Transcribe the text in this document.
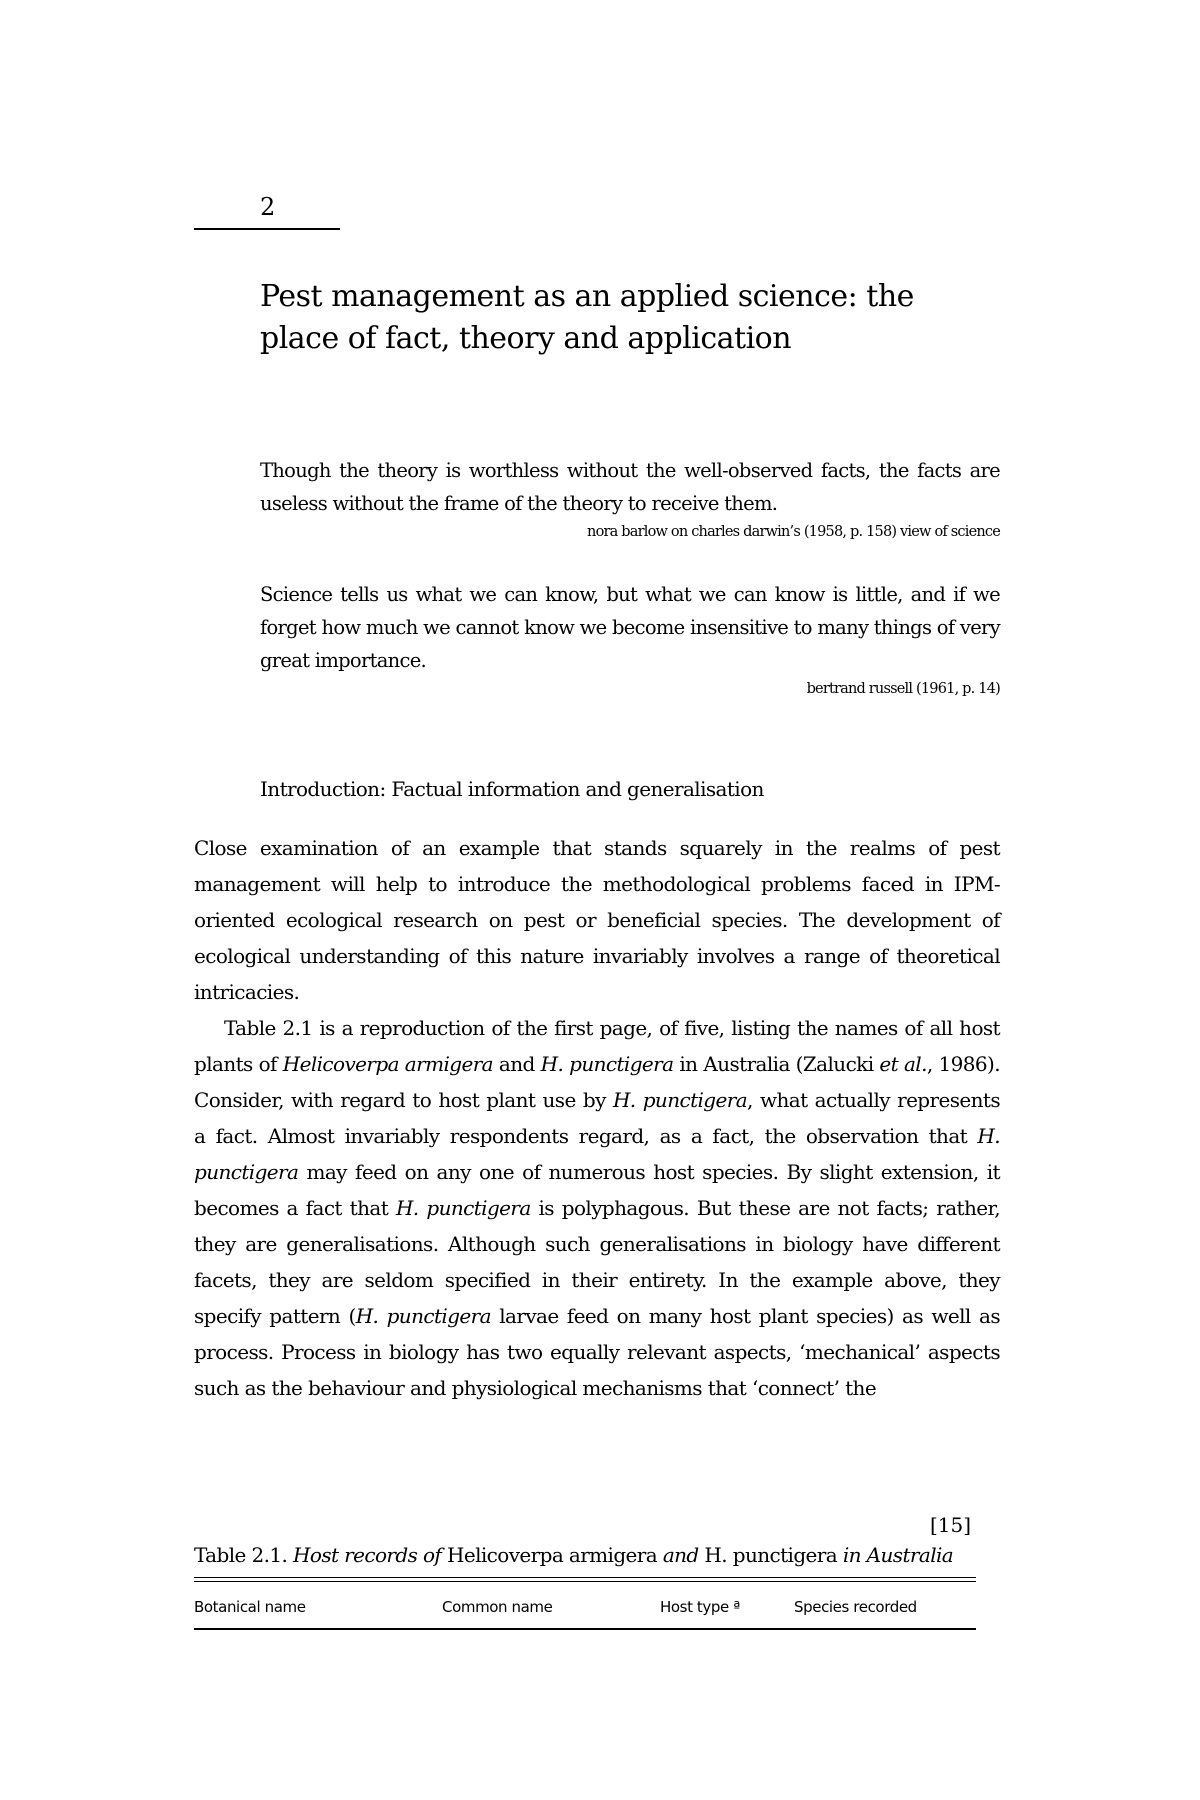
2
Pest management as an applied science: the place of fact, theory and application

Though the theory is worthless without the well-observed facts, the facts are useless without the frame of the theory to receive them.

nora barlow on charles darwin’s (1958, p. 158) view of science

Science tells us what we can know, but what we can know is little, and if we forget how much we cannot know we become insensitive to many things of very great importance.

bertrand russell (1961, p. 14)

Introduction: Factual information and generalisation

Close examination of an example that stands squarely in the realms of pest management will help to introduce the methodological problems faced in IPM-oriented ecological research on pest or beneficial species. The development of ecological understanding of this nature invariably involves a range of theoretical intricacies.

Table 2.1 is a reproduction of the first page, of five, listing the names of all host plants of Helicoverpa armigera and H. punctigera in Australia (Zalucki et al., 1986). Consider, with regard to host plant use by H. punctigera, what actually represents a fact. Almost invariably respondents regard, as a fact, the observation that H. punctigera may feed on any one of numerous host species. By slight extension, it becomes a fact that H. punctigera is polyphagous. But these are not facts; rather, they are generalisations. Although such generalisations in biology have different facets, they are seldom specified in their entirety. In the example above, they specify pattern (H. punctigera larvae feed on many host plant species) as well as process. Process in biology has two equally relevant aspects, ‘mechanical’ aspects such as the behaviour and physiological mechanisms that ‘connect’ the

[15]

Table 2.1. Host records of Helicoverpa armigera and H. punctigera in Australia

Botanical name	Common name	Host type ª	Species recorded
